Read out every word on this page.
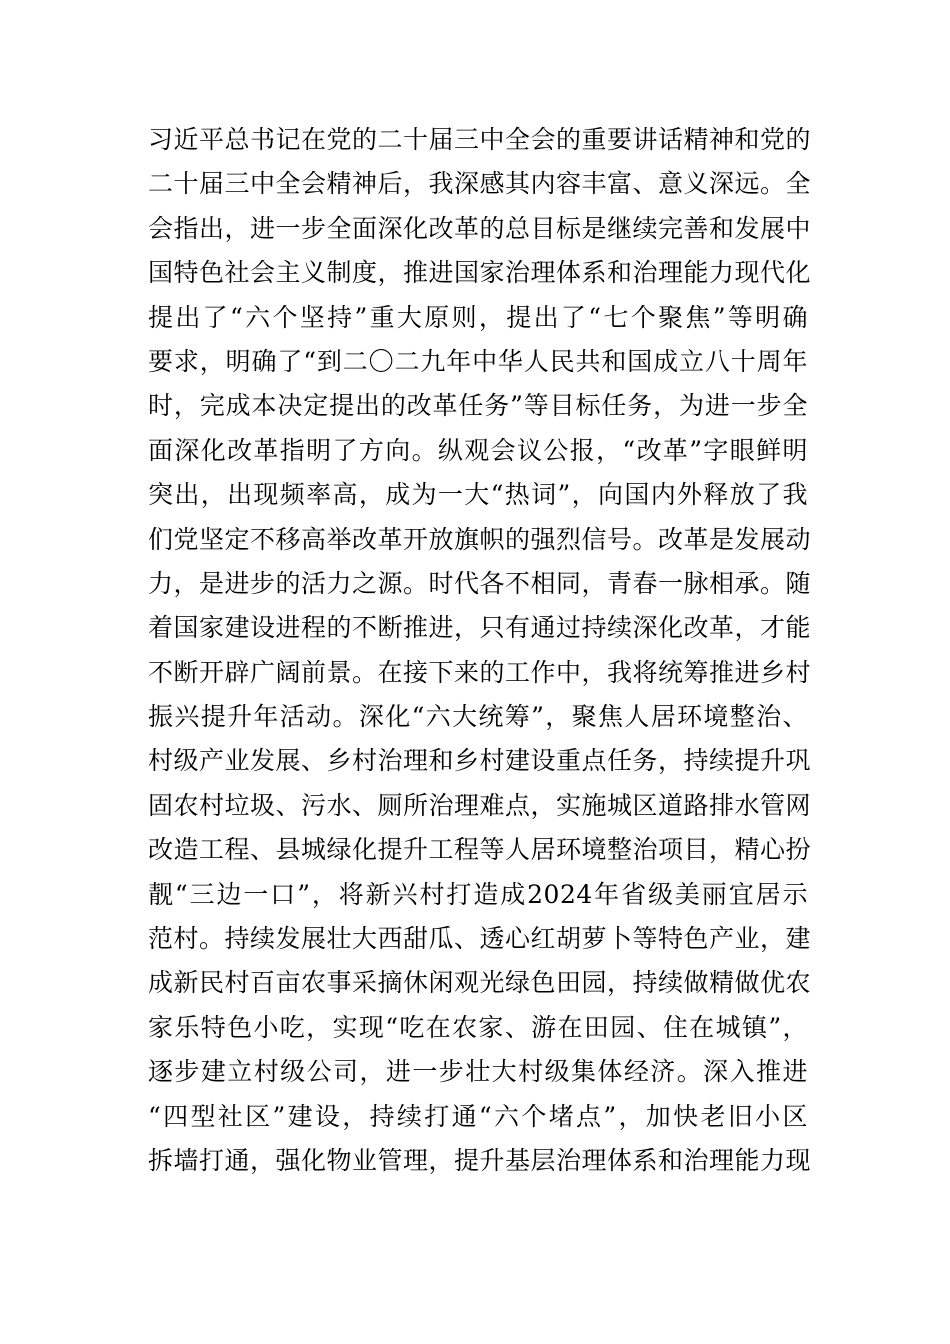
习近平总书记在党的二十届三中全会的重要讲话精神和党的
二十届三中全会精神后，我深感其内容丰富、意义深远。全
会指出，进一步全面深化改革的总目标是继续完善和发展中
国特色社会主义制度，推进国家治理体系和治理能力现代化
提出了“六个坚持”重大原则，提出了“七个聚焦”等明确
要求，明确了“到二〇二九年中华人民共和国成立八十周年
时，完成本决定提出的改革任务”等目标任务，为进一步全
面深化改革指明了方向。纵观会议公报，“改革”字眼鲜明
突出，出现频率高，成为一大“热词”，向国内外释放了我
们党坚定不移高举改革开放旗帜的强烈信号。改革是发展动
力，是进步的活力之源。时代各不相同，青春一脉相承。随
着国家建设进程的不断推进，只有通过持续深化改革，才能
不断开辟广阔前景。在接下来的工作中，我将统筹推进乡村
振兴提升年活动。深化“六大统筹”，聚焦人居环境整治、
村级产业发展、乡村治理和乡村建设重点任务，持续提升巩
固农村垃圾、污水、厕所治理难点，实施城区道路排水管网
改造工程、县城绿化提升工程等人居环境整治项目，精心扮
靓“三边一口”，将新兴村打造成2024年省级美丽宜居示
范村。持续发展壮大西甜瓜、透心红胡萝卜等特色产业，建
成新民村百亩农事采摘休闲观光绿色田园，持续做精做优农
家乐特色小吃，实现“吃在农家、游在田园、住在城镇”，
逐步建立村级公司，进一步壮大村级集体经济。深入推进
“四型社区”建设，持续打通“六个堵点”，加快老旧小区
拆墙打通，强化物业管理，提升基层治理体系和治理能力现
